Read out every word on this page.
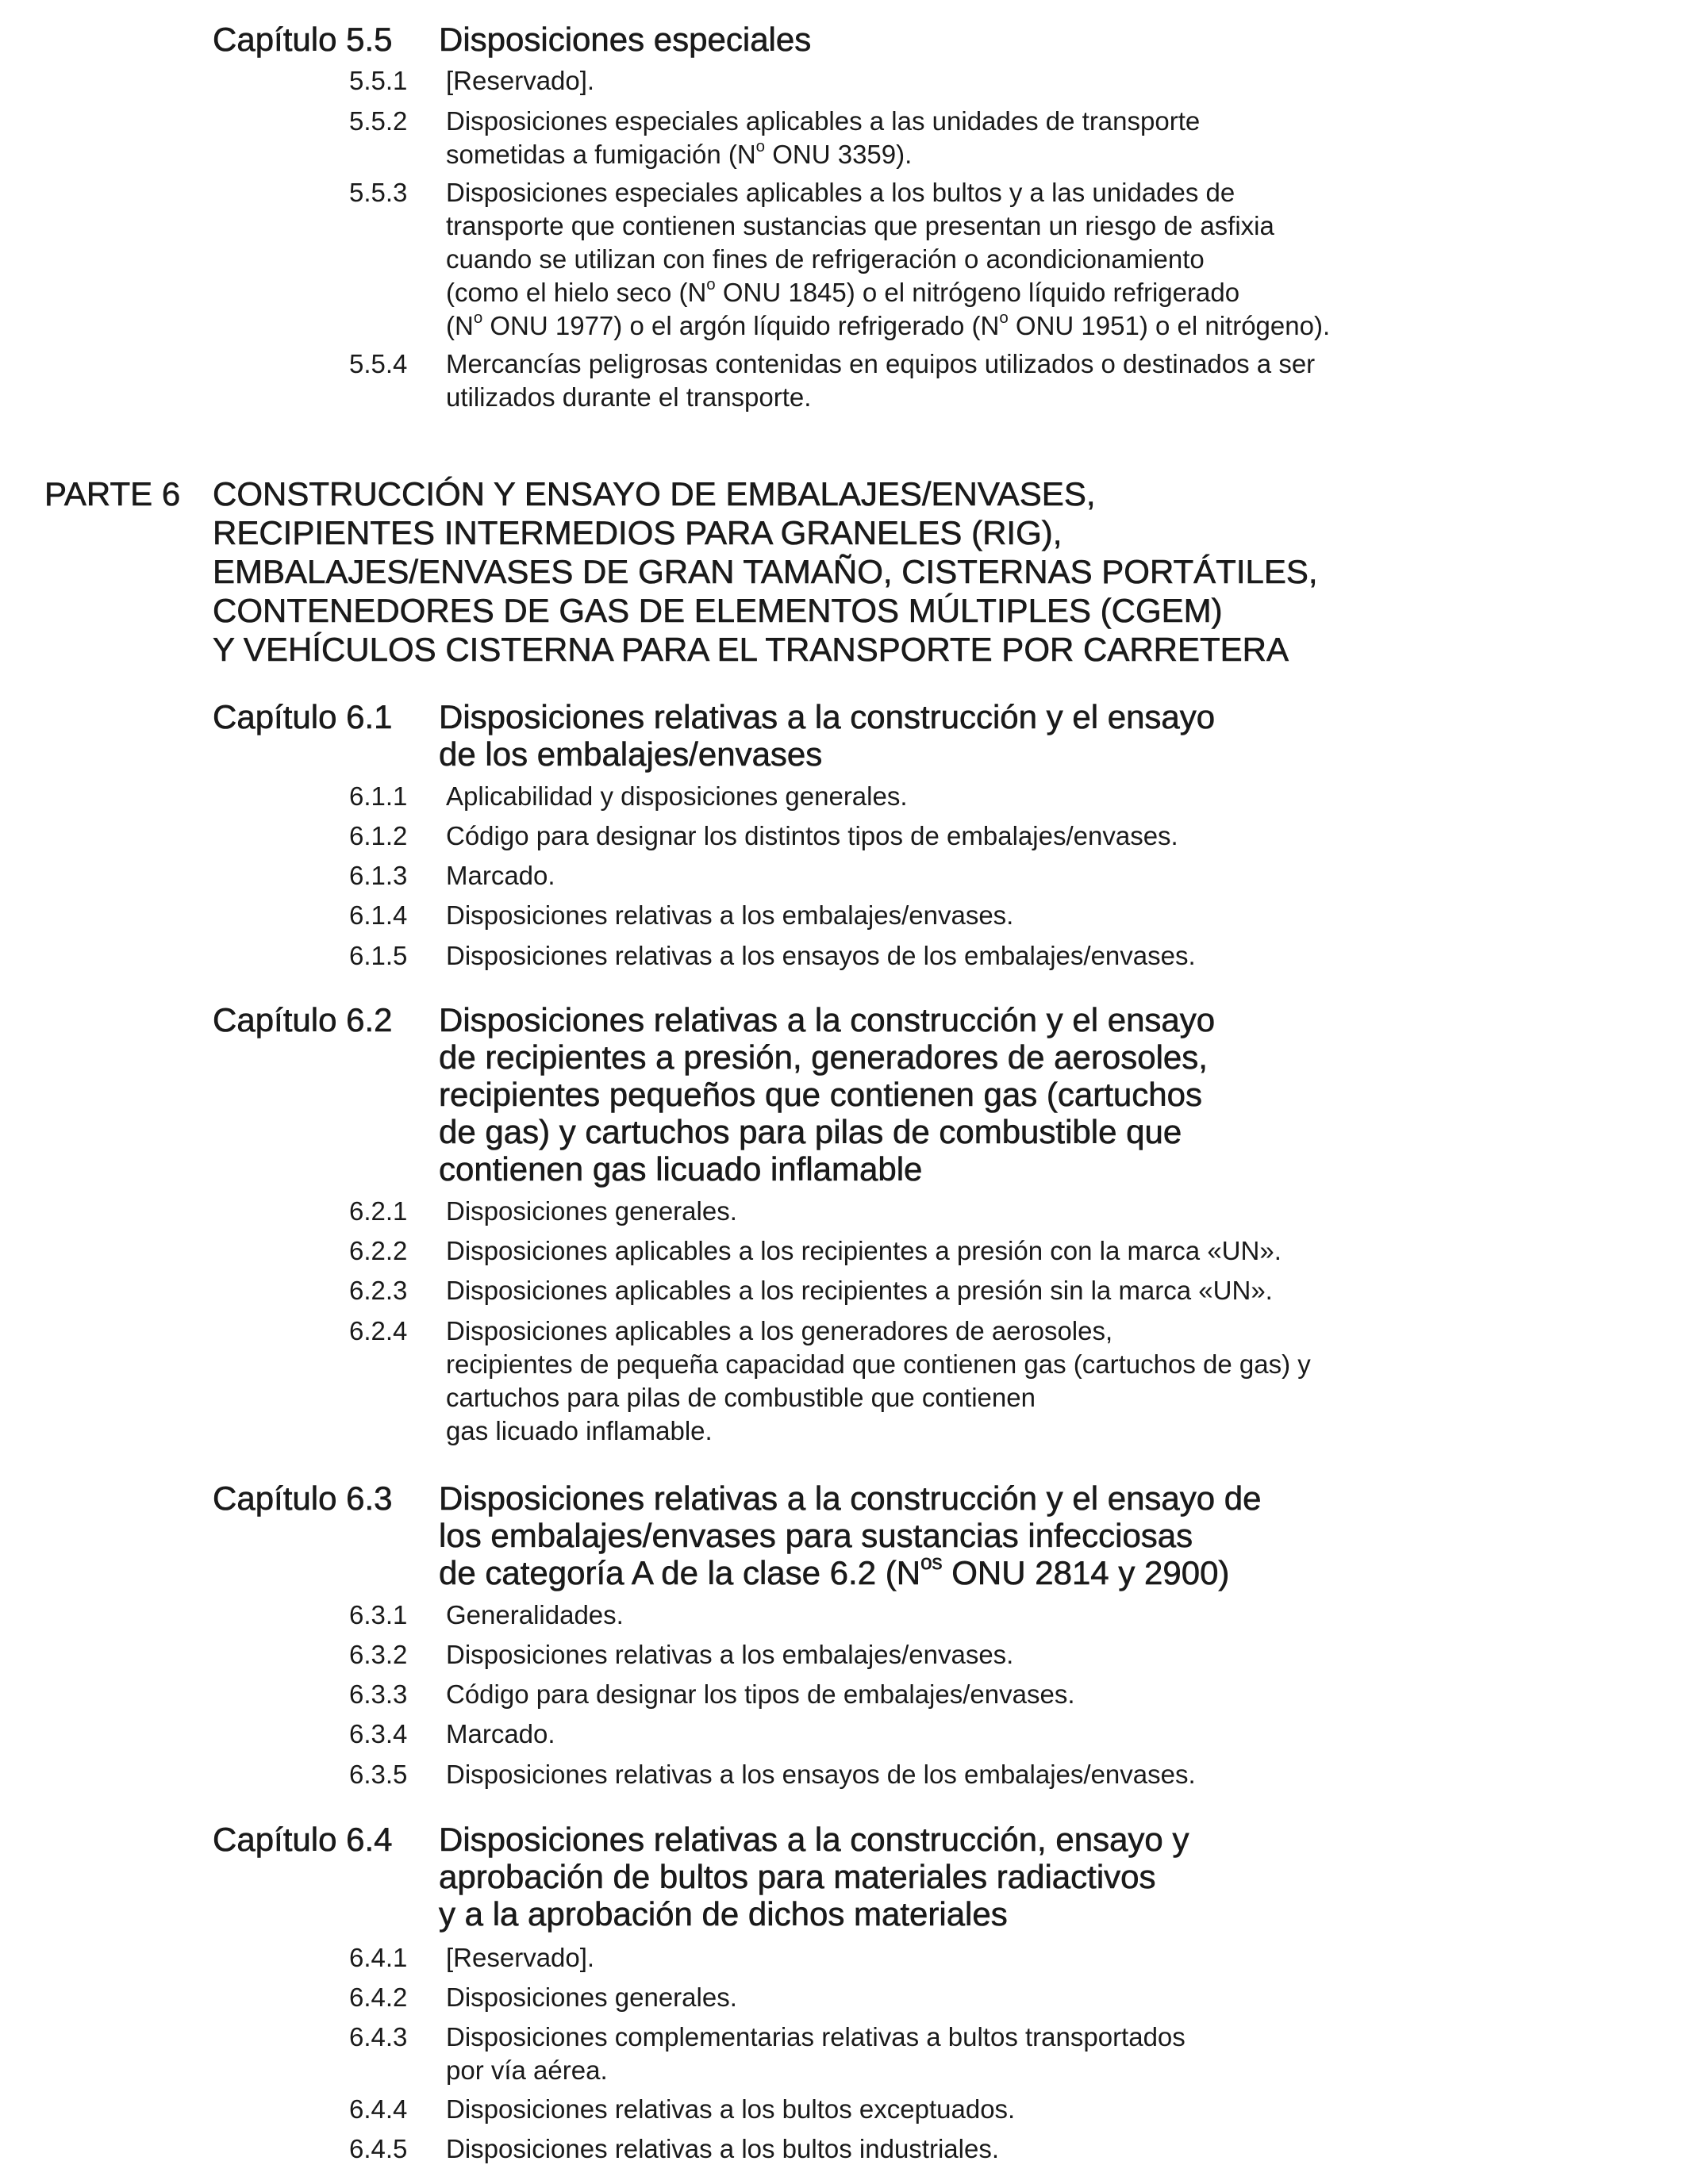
Capítulo 5.5 Disposiciones especiales
5.5.1 [Reservado].
5.5.2 Disposiciones especiales aplicables a las unidades de transporte
sometidas a fumigación ($N^o$ ONU 3359).
5.5.3 Disposiciones especiales aplicables a los bultos y a las unidades de
transporte que contienen sustancias que presentan un riesgo de asfixia
cuando se utilizan con fines de refrigeración o acondicionamiento
(como el hielo seco ($N^o$ ONU 1845) o el nitrógeno líquido refrigerado
($N^o$ ONU 1977) o el argón líquido refrigerado ($N^o$ ONU 1951) o el nitrógeno).
5.5.4 Mercancías peligrosas contenidas en equipos utilizados o destinados a ser
utilizados durante el transporte.
PARTE 6 CONSTRUCCIÓN Y ENSAYO DE EMBALAJES/ENVASES,
RECIPIENTES INTERMEDIOS PARA GRANELES (RIG),
EMBALAJES/ENVASES DE GRAN TAMAÑO, CISTERNAS PORTÁTILES,
CONTENEDORES DE GAS DE ELEMENTOS MÚLTIPLES (CGEM)
Y VEHÍCULOS CISTERNA PARA EL TRANSPORTE POR CARRETERA
Capítulo 6.1 Disposiciones relativas a la construcción y el ensayo
de los embalajes/envases
6.1.1 Aplicabilidad y disposiciones generales.
6.1.2 Código para designar los distintos tipos de embalajes/envases.
6.1.3 Marcado.
6.1.4 Disposiciones relativas a los embalajes/envases.
6.1.5 Disposiciones relativas a los ensayos de los embalajes/envases.
Capítulo 6.2 Disposiciones relativas a la construcción y el ensayo
de recipientes a presión, generadores de aerosoles,
recipientes pequeños que contienen gas (cartuchos
de gas) y cartuchos para pilas de combustible que
contienen gas licuado inflamable
6.2.1 Disposiciones generales.
6.2.2 Disposiciones aplicables a los recipientes a presión con la marca «UN».
6.2.3 Disposiciones aplicables a los recipientes a presión sin la marca «UN».
6.2.4 Disposiciones aplicables a los generadores de aerosoles,
recipientes de pequeña capacidad que contienen gas (cartuchos de gas) y
cartuchos para pilas de combustible que contienen
gas licuado inflamable.
Capítulo 6.3 Disposiciones relativas a la construcción y el ensayo de
los embalajes/envases para sustancias infecciosas
de categoría A de la clase 6.2 ($N^{os}$ ONU 2814 y 2900)
6.3.1 Generalidades.
6.3.2 Disposiciones relativas a los embalajes/envases.
6.3.3 Código para designar los tipos de embalajes/envases.
6.3.4 Marcado.
6.3.5 Disposiciones relativas a los ensayos de los embalajes/envases.
Capítulo 6.4 Disposiciones relativas a la construcción, ensayo y
aprobación de bultos para materiales radiactivos
y a la aprobación de dichos materiales
6.4.1 [Reservado].
6.4.2 Disposiciones generales.
6.4.3 Disposiciones complementarias relativas a bultos transportados
por vía aérea.
6.4.4 Disposiciones relativas a los bultos exceptuados.
6.4.5 Disposiciones relativas a los bultos industriales.
